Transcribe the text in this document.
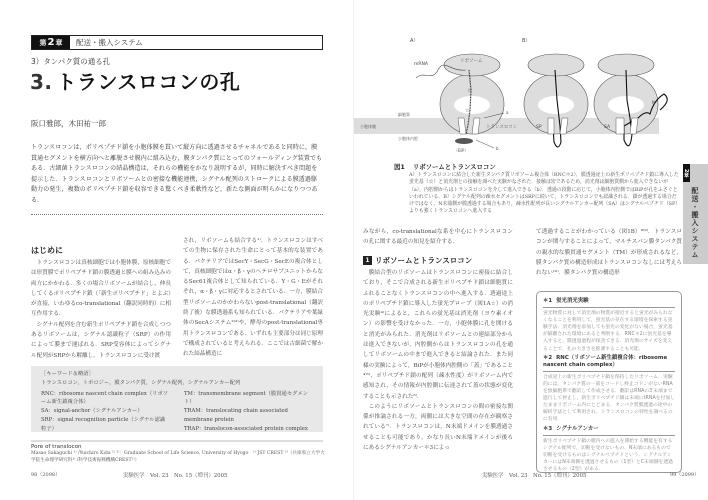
第 2 章	配送・搬入システム
3）タンパク質の通る孔
3. トランスロコンの孔
阪口雅郎，木田祐一郎
トランスロコンは，ポリペプチド鎖を小胞体膜を貫いて縦方向に透過させるチャネルであると同時に，膜貫通セグメントを横方向へと離脱させ膜内に組み込む，膜タンパク質にとってのフォールディング装置でもある．古細菌トランスロコンの結晶構造は，それらの機能をかなり説明するが，同時に解決すべき問題を提示した．トランスロコンとリボソームとの密接な機能連携，シグナル配列のストロークによる膜透過駆動力の発生，複数のポリペプチド鎖を収容できる驚くべき柔軟性など，新たな側面が明らかになりつつある．
はじめに

トランスロコンは真核細胞では小胞体膜，原核細胞では形質膜でポリペプチド鎖の膜透過と膜への組み込みの両方にかかわる．多くの場合リボソームが結合し，伸長してくるポリペプチド鎖（「新生ポリペプチド」とよぶ）が直接，いわゆるco-translational（翻訳同時的）に相互作用する．

シグナル配列を含む新生ポリペプチド鎖を合成しつつあるリボソームは，シグナル認識粒子（SRP）の作用によって膜まで運ばれる．SRP受容体によってシグナル配列がSRPから解離し，トランスロコンに受け渡

され，リボソームも結合する¹⁾．トランスロコンはすべての生物に保存された生命にとって基本的な装置である．バクテリアではSecY・SecG・SecEの複合体として，真核細胞ではα・β・γのヘテロサブユニットからなるSec61複合体として知られている．Y・G・Eがそれぞれ，α・β・γに対応するとされている．一方，膜結合型リボソームのかかわらないpost-translational（翻訳終了後）な膜透過系も知られている．バクテリアや葉緑体のSecAシステム²⁾³⁾や，酵母のpost-translational専用トランスロコンである．いずれも主要部分は同じ原理で構成されていると考えられる．ここでは古細菌で解かれた結晶構造に

［キーワード＆略語］
トランスロコン，トポロジー，膜タンパク質，シグナル配列，シグナルアンカー配列
RNC：ribosome nascent chain complex（リボソーム新生鎖複合体）
SA：signal-anchor（シグナルアンカー）
SRP：signal recognition particle（シグナル認識粒子）
TM：transmembrane segment（膜貫通セグメント）
TRAM：translocating chain associated membrane protein
TRAP：translocon-associated protein complex
Pore of translocon
Masao Sakaguchi ¹⁾ /Yuichiro Kida ¹⁾ ²⁾：Graduate School of Life Science, University of Hyogo　¹⁾ JST CREST ²⁾（兵庫県立大学大学院生命理学研究科¹⁾ /科学技術振興機構CREST²⁾）
98（2098）	実験医学　Vol. 23　No. 15（増刊）2005
A）
リボソーム
mRNA
☆
☆
細胞質
小胞体膜
小胞体内腔
（BiP）
トランスロコン
a
b
B）
SP	SA
N
図1 リボソームとトランスロコン
A）トランスロコンに結合した新生タンパク質リボソーム複合体（RNC＊2），膜透過途上の新生ポリペプチド鎖に導入した蛍光基（☆）と消光剤との接触を調べた実験がなされた．接触は密であるため，消光剤は細胞質側から進入できないが（a），内腔側からはトランスロコンを介して進入できる（b）．透過の段階に応じて，小胞体内腔側ではBiPが孔をふさぐといわれている．B）シグナル配列の疎水セグメントはSRPに続いて，トランスロコンでも認識される．鎖が透過する場合だけではなく，N末端側が膜透過する場合もあり，疎水性配列が長いシグナルアンカー配列（SA）はシグナルペプチド（SP）よりも強くトランスロコンへ進入する
2章
配送・搬入システム

みながら，co-translationalな系を中心にトランスロコンの孔に関する最近の知見を紹介する．

1 リボソームとトランスロコン

膜結合型のリボソームはトランスロコンに密接に結合しており，そこで合成される新生ポリペプチド鎖は細胞質にふれることなくトランスロコンの中へ進入する．透過途上のポリペプチド鎖に導入した蛍光プローブ（図1A☆）の消光実験⁴⁾によると，これらの蛍光基は消光剤（ヨウ素イオン）の影響を受けなかった．一方，小胞体膜に孔を開けると消光がみられた．消光剤はリボソームとの連結部分からは進入できないが，内腔側からはトランスロコンの孔を通してリボソームの中まで進入できると結論された．また同様の実験によって，BiPが小胞体内腔側の「蓋」であること⁴⁾⁵⁾，ポリペプチド鎖の配列（疎水性度）がリボソーム内で感知され，その情報が内腔側に伝達されて蓋の状態が変化することも示された⁶⁾．

このようにリボソームとトランスロコンの間の密接な関係が推論される一方，両側には大きな空間の存在が観察されている⁷⁾．トランスロコンは，N末端ドメインを膜透過させることも可能であり，かなり長いN末端ドメインが後ろにあるシグナルアンカー＊3によっ

て透過することがわかっている（図1B）⁸⁾⁹⁾．トランスロコンが関与することによって，マルチスパン膜タンパク質の親水的な膜貫通セグメント（TM）が形成されるなど，膜タンパク質の構造形成はトランスロコンなしには考えられない¹⁰⁾．膜タンパク質の構造形

＊1 蛍光消光実験
蛍光物質に対して消光剤の物質が接近すると蛍光がみられなくなることを利用して，蛍光基の存在する環境を探索する実験手法．消光剤を添加しても蛍光の変化がない場合，蛍光基が隔離された環境にあると判断する．RNC＊2に蛍光基を導入すると，膜透過過程が探査できる．消光剤のサイズを変えることで，孔の大きさを推測することも可能．
＊2 RNC（リボソーム新生鎖複合体：ribosome nascent chain complex）
合成途上の新生ポリペプチド鎖を保持したリボソーム．実験的には，タンパク質の一部をコードし終止コドンがないRNAを無細胞系で翻訳して作成させる．翻訳はRNAの3′末端まで進行して停止し，新生ポリペプチド鎖は末端にtRNAを付加したままリボソーム内にとどまる．タンパク質膜透過の途中の解析手法として利用され，トランスロコンの特性を調べるのに有用．
＊3 シグナルアンカー
新生ポリペプチド鎖の膜内への進入を開始する機能を有するシグナル配列で，切断を受けないもの．N末端にあるもので切断を受けるものはシグナルペプチドという．シグナルアンカーにはN末端側を透過させるもの（1型）とC末端側を透過させるもの（2型）がある．
実験医学　Vol. 23　No. 15（増刊）2005	99（2099）
